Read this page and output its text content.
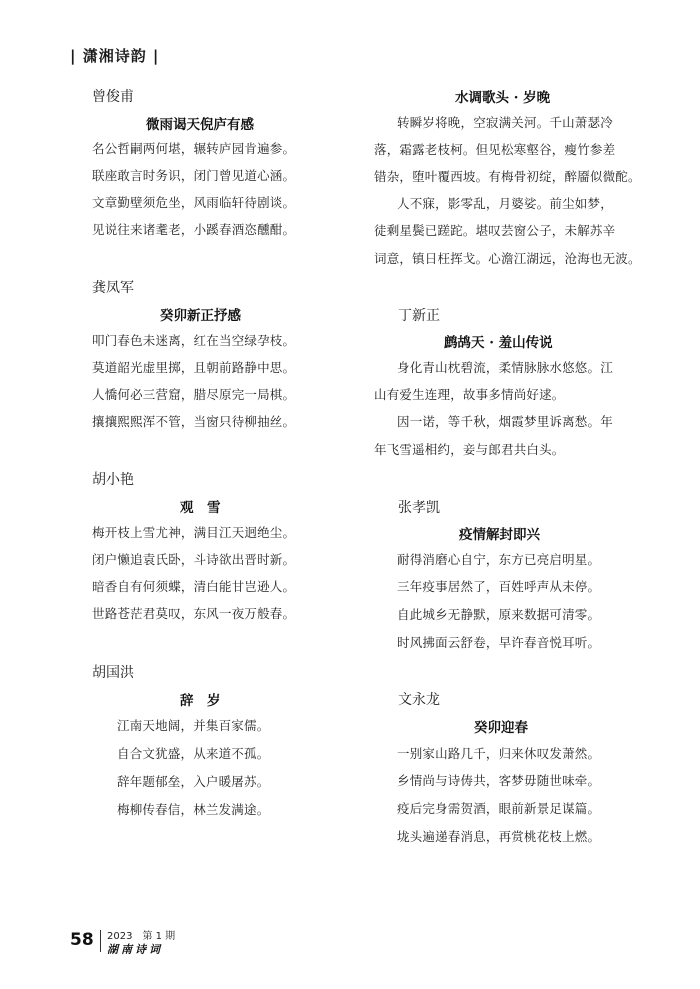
| 潇湘诗韵 |
曾俊甫
微雨谒天倪庐有感
名公哲嗣两何堪，辗转庐园肯遍参。
联座敢言时务识，闭门曾见道心涵。
文章勤壁须危坐，风雨临轩待剧谈。
见说往来诸耄老，小蹊春酒恣醺酣。
龚凤军
癸卯新正抒感
叩门春色未迷离，红在当空绿孕枝。
莫道韶光虚里掷，且朝前路静中思。
人憍何必三营窟，腊尽原完一局棋。
攘攘熙熙浑不管，当窗只待柳抽丝。
胡小艳
观　雪
梅开枝上雪尤神，满目江天迥绝尘。
闭户懒追袁氏卧，斗诗欲出晋时新。
暗香自有何须蝶，清白能甘岂逊人。
世路苍茫君莫叹，东风一夜万般春。
胡国洪
辞　岁
江南天地阔，并集百家儒。
自合文犹盛，从来道不孤。
辞年题郁垒，入户暖屠苏。
梅柳传春信，林兰发满途。
水调歌头 · 岁晚
转瞬岁将晚，空寂满关河。千山萧瑟冷
落，霜露老枝柯。但见松寒壑谷，瘦竹参差
错杂，堕叶覆西坡。有梅骨初绽，醉靥似微酡。
人不寐，影零乱，月婆娑。前尘如梦，
徒剩星鬓已蹉跎。堪叹芸窗公子，未解苏辛
词意，镇日枉挥戈。心澹江湖远，沧海也无波。
丁新正
鹧鸪天 · 羞山传说
身化青山枕碧流，柔情脉脉水悠悠。江
山有爱生连理，故事多情尚好逑。
因一诺，等千秋，烟霞梦里诉离愁。年
年飞雪遥相约，妾与郎君共白头。
张孝凯
疫情解封即兴
耐得消磨心自宁，东方已亮启明星。
三年疫事居然了，百姓呼声从未停。
自此城乡无静默，原来数据可清零。
时风拂面云舒卷，早许春音悦耳听。
文永龙
癸卯迎春
一别家山路几千，归来休叹发萧然。
乡情尚与诗俦共，客梦毋随世味牵。
疫后完身需贺酒，眼前新景足谋篇。
垅头遍递春消息，再赏桃花枝上燃。
58 2023　第 1 期
湖南诗词
